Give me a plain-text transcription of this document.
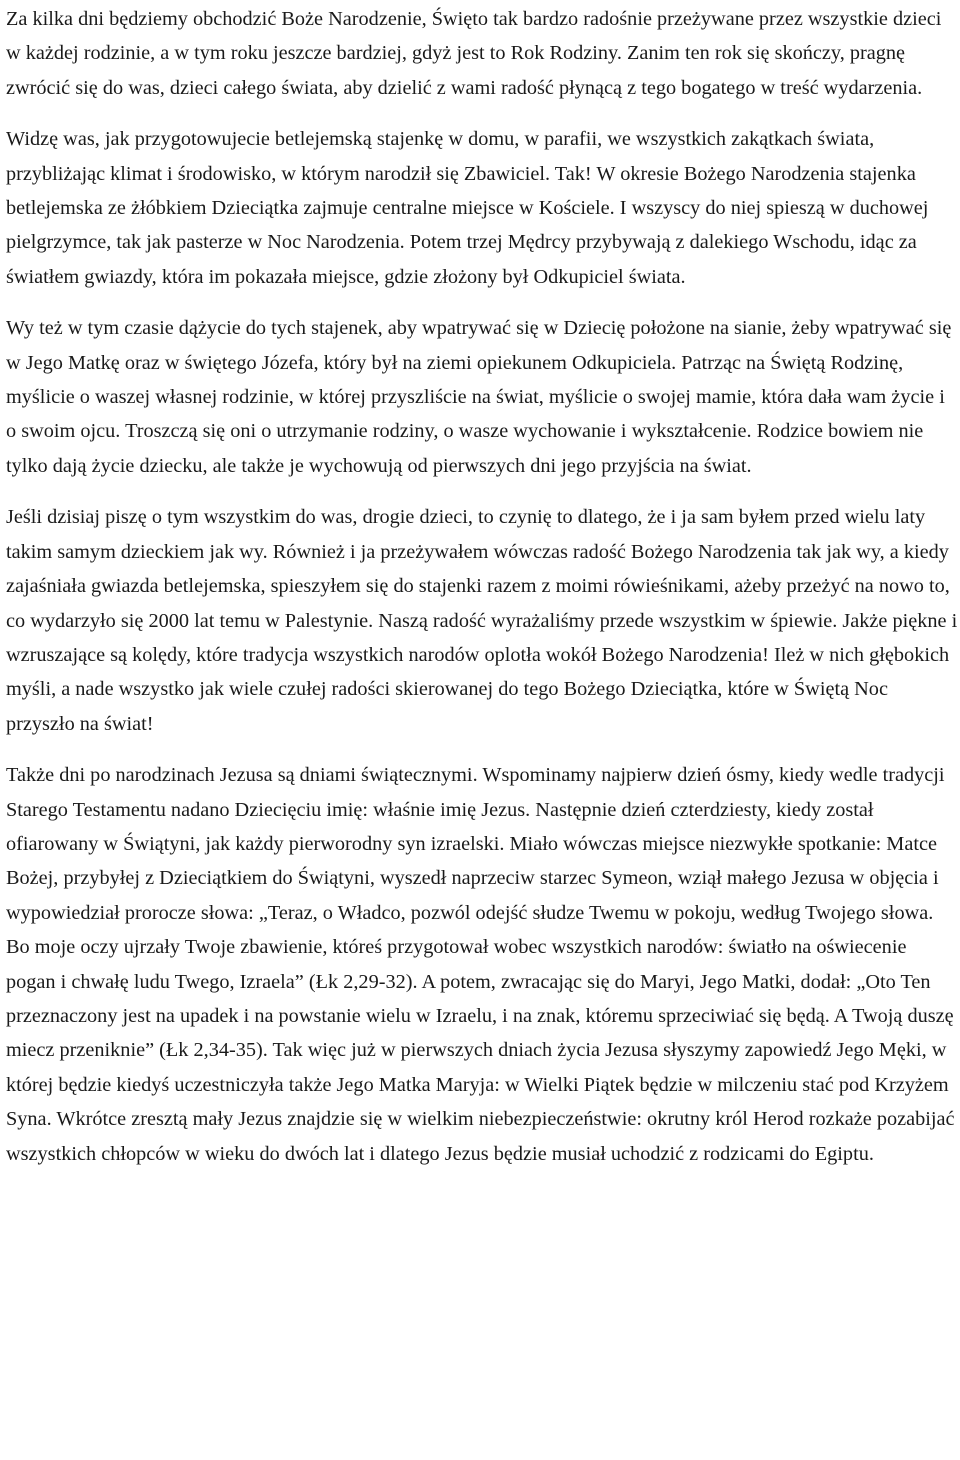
Za kilka dni będziemy obchodzić Boże Narodzenie, Święto tak bardzo radośnie przeżywane przez wszystkie dzieci w każdej rodzinie, a w tym roku jeszcze bardziej, gdyż jest to Rok Rodziny. Zanim ten rok się skończy, pragnę zwrócić się do was, dzieci całego świata, aby dzielić z wami radość płynącą z tego bogatego w treść wydarzenia.

Widzę was, jak przygotowujecie betlejemską stajenkę w domu, w parafii, we wszystkich zakątkach świata, przybliżając klimat i środowisko, w którym narodził się Zbawiciel. Tak! W okresie Bożego Narodzenia stajenka betlejemska ze żłóbkiem Dzieciątka zajmuje centralne miejsce w Kościele. I wszyscy do niej spieszą w duchowej pielgrzymce, tak jak pasterze w Noc Narodzenia. Potem trzej Mędrcy przybywają z dalekiego Wschodu, idąc za światłem gwiazdy, która im pokazała miejsce, gdzie złożony był Odkupiciel świata.

Wy też w tym czasie dążycie do tych stajenek, aby wpatrywać się w Dziecię położone na sianie, żeby wpatrywać się w Jego Matkę oraz w świętego Józefa, który był na ziemi opiekunem Odkupiciela. Patrząc na Świętą Rodzinę, myślicie o waszej własnej rodzinie, w której przyszliście na świat, myślicie o swojej mamie, która dała wam życie i o swoim ojcu. Troszczą się oni o utrzymanie rodziny, o wasze wychowanie i wykształcenie. Rodzice bowiem nie tylko dają życie dziecku, ale także je wychowują od pierwszych dni jego przyjścia na świat.

Jeśli dzisiaj piszę o tym wszystkim do was, drogie dzieci, to czynię to dlatego, że i ja sam byłem przed wielu laty takim samym dzieckiem jak wy. Również i ja przeżywałem wówczas radość Bożego Narodzenia tak jak wy, a kiedy zajaśniała gwiazda betlejemska, spieszyłem się do stajenki razem z moimi rówieśnikami, ażeby przeżyć na nowo to, co wydarzyło się 2000 lat temu w Palestynie. Naszą radość wyrażaliśmy przede wszystkim w śpiewie. Jakże piękne i wzruszające są kolędy, które tradycja wszystkich narodów oplotła wokół Bożego Narodzenia! Ileż w nich głębokich myśli, a nade wszystko jak wiele czułej radości skierowanej do tego Bożego Dzieciątka, które w Świętą Noc przyszło na świat!

Także dni po narodzinach Jezusa są dniami świątecznymi. Wspominamy najpierw dzień ósmy, kiedy wedle tradycji Starego Testamentu nadano Dziecięciu imię: właśnie imię Jezus. Następnie dzień czterdziesty, kiedy został ofiarowany w Świątyni, jak każdy pierworodny syn izraelski. Miało wówczas miejsce niezwykłe spotkanie: Matce Bożej, przybyłej z Dzieciątkiem do Świątyni, wyszedł naprzeciw starzec Symeon, wziął małego Jezusa w objęcia i wypowiedział prorocze słowa: „Teraz, o Władco, pozwól odejść słudze Twemu w pokoju, według Twojego słowa. Bo moje oczy ujrzały Twoje zbawienie, któreś przygotował wobec wszystkich narodów: światło na oświecenie pogan i chwałę ludu Twego, Izraela” (Łk 2,29-32). A potem, zwracając się do Maryi, Jego Matki, dodał: „Oto Ten przeznaczony jest na upadek i na powstanie wielu w Izraelu, i na znak, któremu sprzeciwiać się będą. A Twoją duszę miecz przeniknie” (Łk 2,34-35). Tak więc już w pierwszych dniach życia Jezusa słyszymy zapowiedź Jego Męki, w której będzie kiedyś uczestniczyła także Jego Matka Maryja: w Wielki Piątek będzie w milczeniu stać pod Krzyżem Syna. Wkrótce zresztą mały Jezus znajdzie się w wielkim niebezpieczeństwie: okrutny król Herod rozkaże pozabijać wszystkich chłopców w wieku do dwóch lat i dlatego Jezus będzie musiał uchodzić z rodzicami do Egiptu.
